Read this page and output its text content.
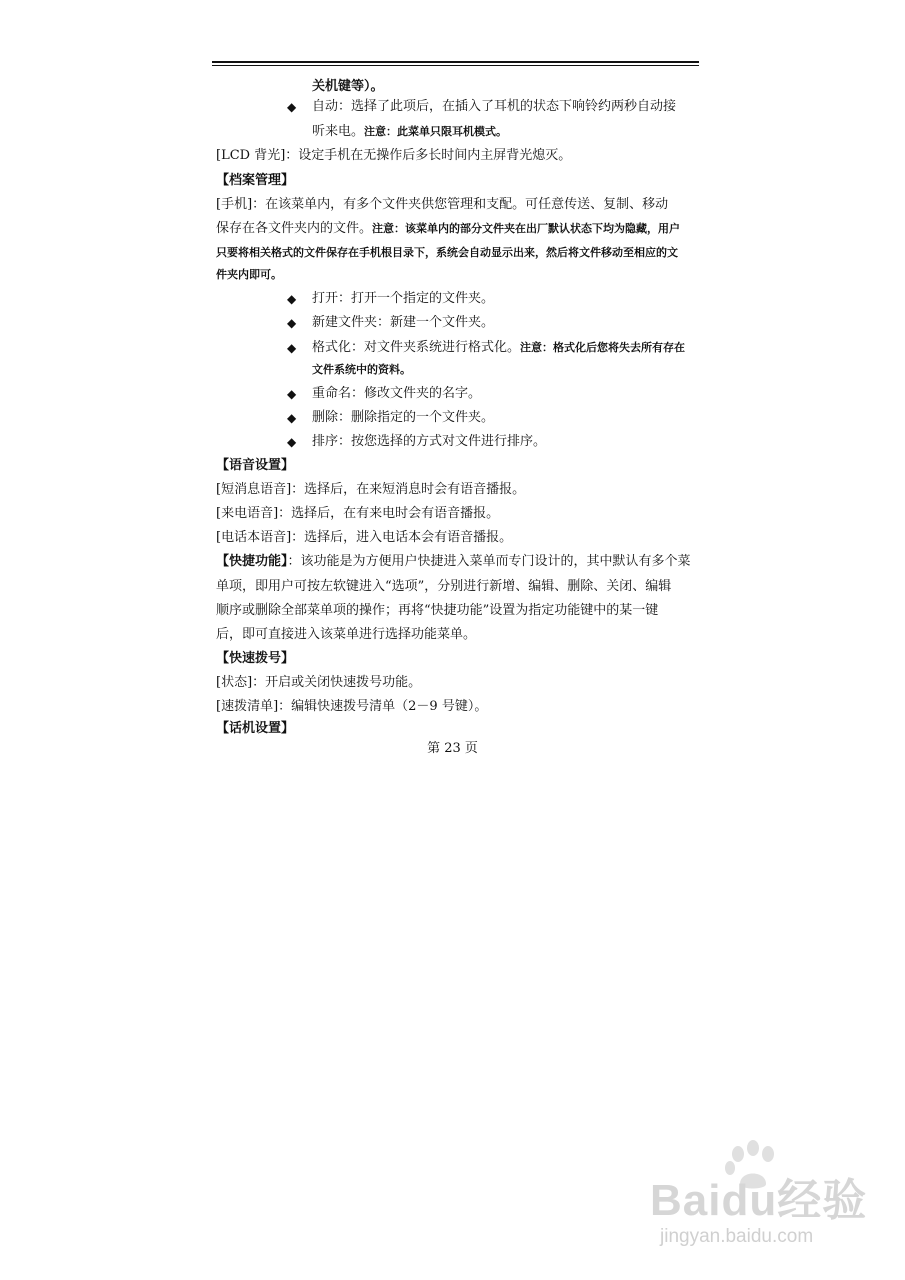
关机键等）。
◆ 自动：选择了此项后，在插入了耳机的状态下响铃约两秒自动接
听来电。注意：此菜单只限耳机模式。
[LCD 背光]：设定手机在无操作后多长时间内主屏背光熄灭。
【档案管理】
[手机]：在该菜单内，有多个文件夹供您管理和支配。可任意传送、复制、移动
保存在各文件夹内的文件。注意：该菜单内的部分文件夹在出厂默认状态下均为隐藏，用户
只要将相关格式的文件保存在手机根目录下，系统会自动显示出来，然后将文件移动至相应的文
件夹内即可。
◆ 打开：打开一个指定的文件夹。
◆ 新建文件夹：新建一个文件夹。
◆ 格式化：对文件夹系统进行格式化。注意：格式化后您将失去所有存在
文件系统中的资料。
◆ 重命名：修改文件夹的名字。
◆ 删除：删除指定的一个文件夹。
◆ 排序：按您选择的方式对文件进行排序。
【语音设置】
[短消息语音]：选择后，在来短消息时会有语音播报。
[来电语音]：选择后，在有来电时会有语音播报。
[电话本语音]：选择后，进入电话本会有语音播报。
【快捷功能】：该功能是为方便用户快捷进入菜单而专门设计的，其中默认有多个菜
单项，即用户可按左软键进入“选项”，分别进行新增、编辑、删除、关闭、编辑
顺序或删除全部菜单项的操作；再将“快捷功能”设置为指定功能键中的某一键
后，即可直接进入该菜单进行选择功能菜单。
【快速拨号】
[状态]：开启或关闭快速拨号功能。
[速拨清单]：编辑快速拨号清单（2－9 号键）。
【话机设置】
第 23 页
Baidu经验
jingyan.baidu.com
